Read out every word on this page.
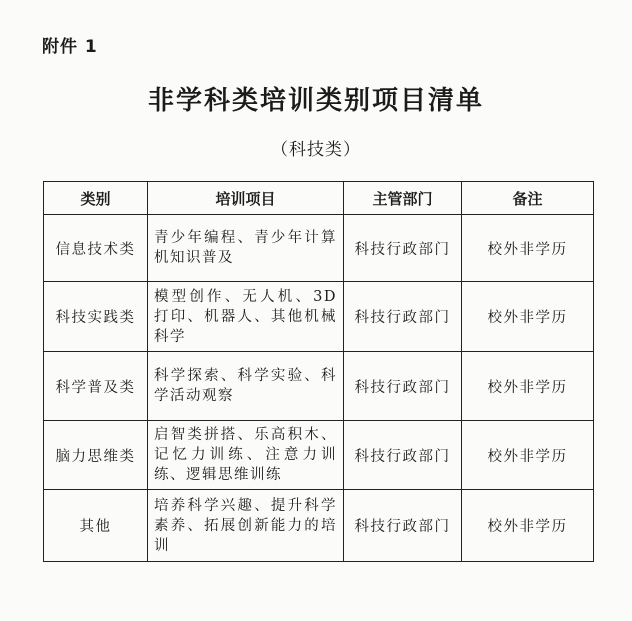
附件 1
非学科类培训类别项目清单
（科技类）
类别	培训项目	主管部门	备注
信息技术类	青少年编程、青少年计算机知识普及	科技行政部门	校外非学历
科技实践类	模型创作、无人机、3D 打印、机器人、其他机械科学	科技行政部门	校外非学历
科学普及类	科学探索、科学实验、科学活动观察	科技行政部门	校外非学历
脑力思维类	启智类拼搭、乐高积木、记忆力训练、注意力训练、逻辑思维训练	科技行政部门	校外非学历
其他	培养科学兴趣、提升科学素养、拓展创新能力的培训	科技行政部门	校外非学历
